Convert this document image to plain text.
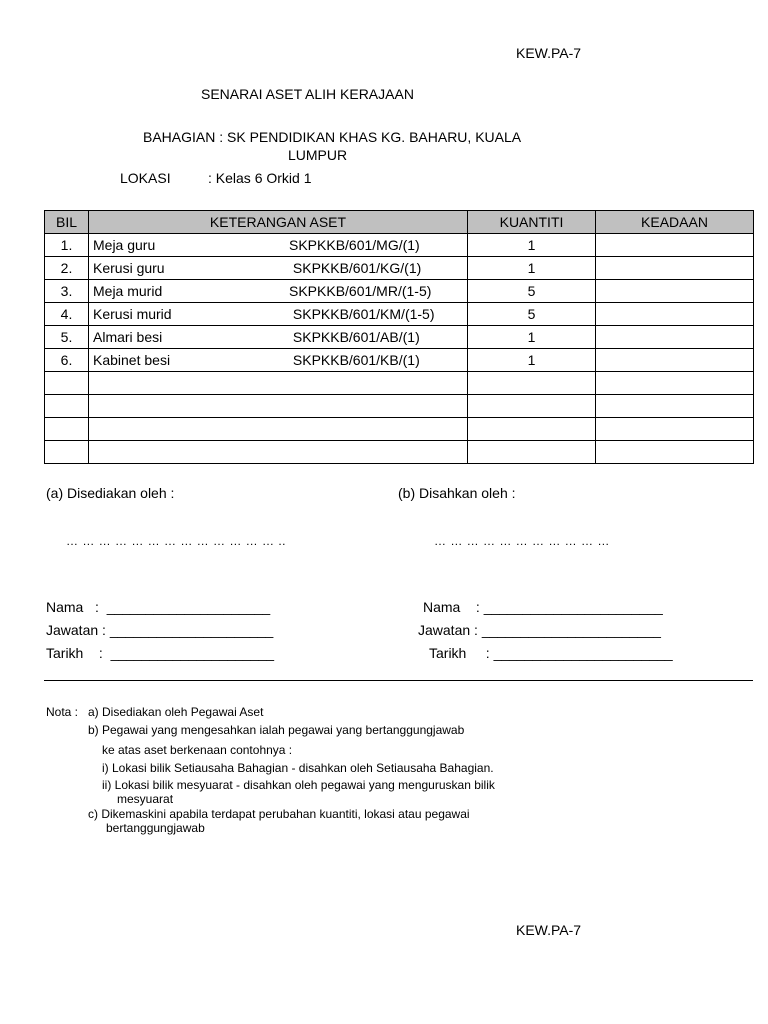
KEW.PA-7
SENARAI ASET ALIH KERAJAAN
BAHAGIAN : SK PENDIDIKAN KHAS KG. BAHARU, KUALA
LUMPUR
LOKASI	: Kelas 6 Orkid 1
BIL	KETERANGAN ASET	KUANTITI	KEADAAN
1.	Meja guru SKPKKB/601/MG/(1)	1	
2.	Kerusi guru SKPKKB/601/KG/(1)	1	
3.	Meja murid SKPKKB/601/MR/(1-5)	5	
4.	Kerusi murid SKPKKB/601/KM/(1-5)	5	
5.	Almari besi SKPKKB/601/AB/(1)	1	
6.	Kabinet besi SKPKKB/601/KB/(1)	1	

(a) Disediakan oleh :	(b) Disahkan oleh :
… … … … … … … … … … … … … ..	… … … … … … … … … … …
Nama   :  _____________________
Jawatan : _____________________
Tarikh    :  _____________________
Nama    : _______________________
Jawatan : _______________________
Tarikh     : _______________________
Nota : a) Disediakan oleh Pegawai Aset
b) Pegawai yang mengesahkan ialah pegawai yang bertanggungjawab
ke atas aset berkenaan contohnya :
i) Lokasi bilik Setiausaha Bahagian - disahkan oleh Setiausaha Bahagian.
ii) Lokasi bilik mesyuarat - disahkan oleh pegawai yang menguruskan bilik
mesyuarat
c) Dikemaskini apabila terdapat perubahan kuantiti, lokasi atau pegawai
bertanggungjawab
KEW.PA-7
